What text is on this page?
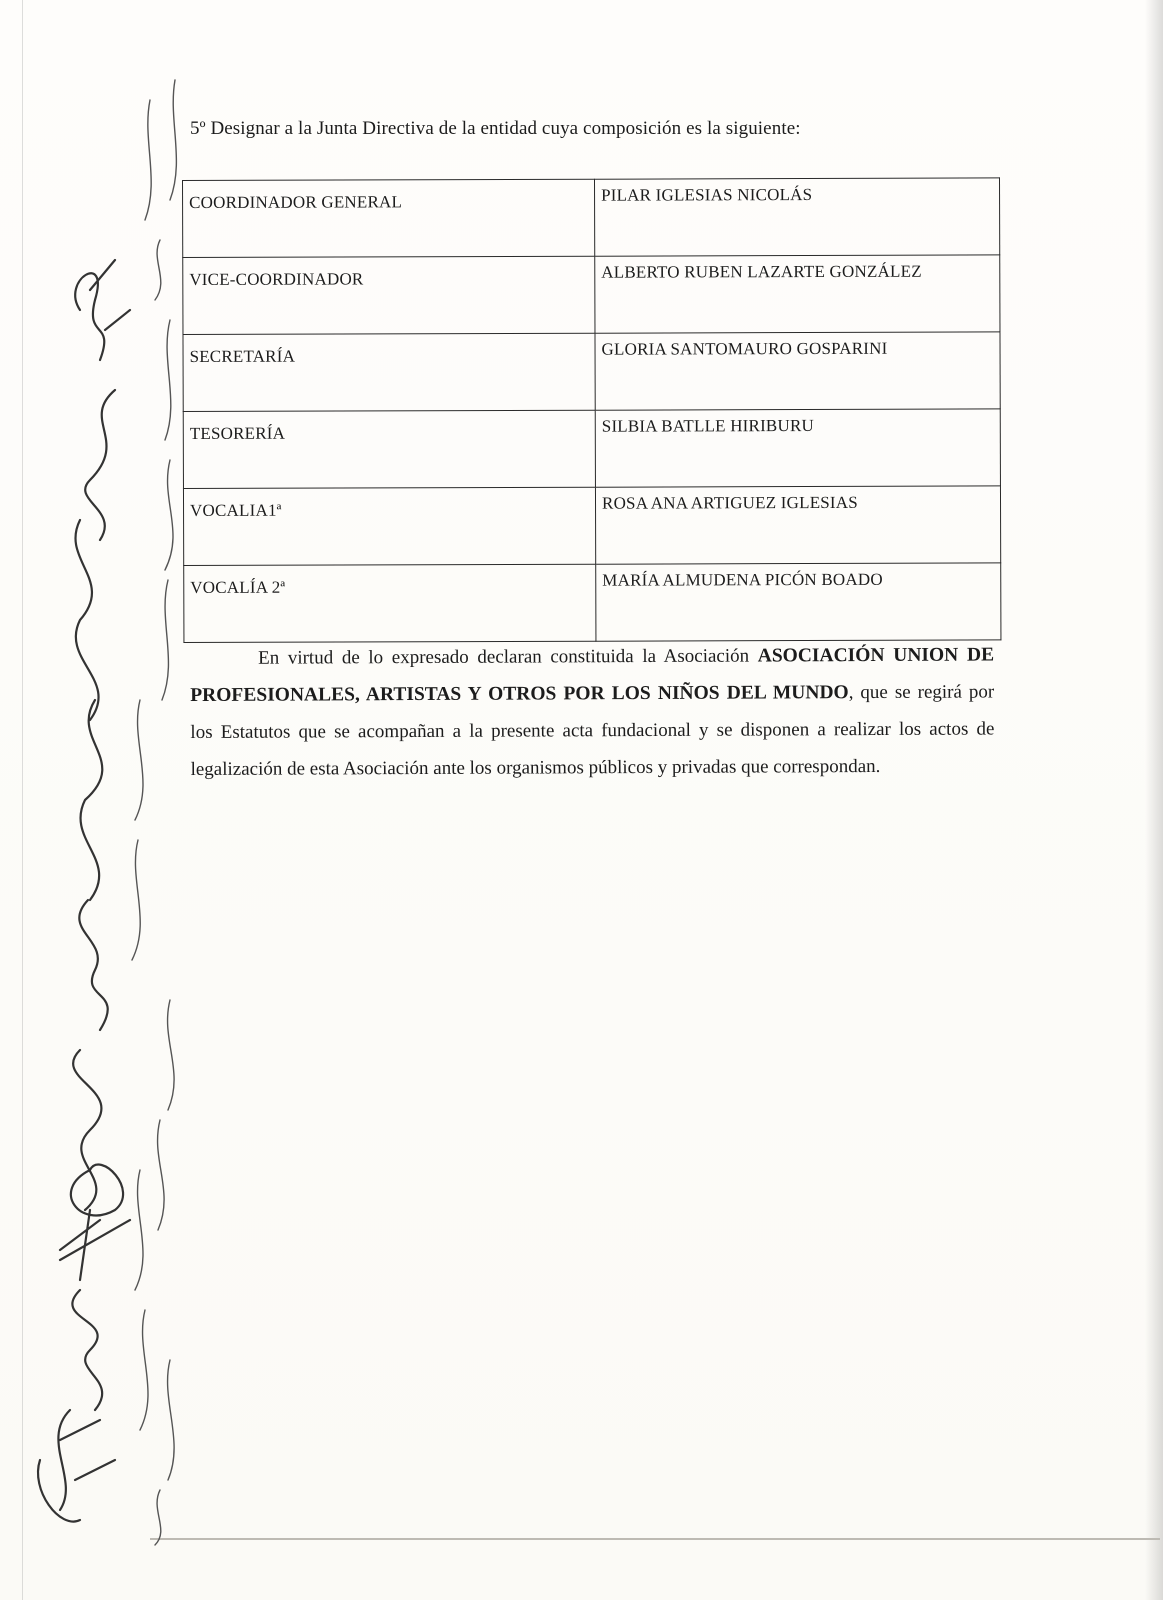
5º Designar a la Junta Directiva de la entidad cuya composición es la siguiente:
COORDINADOR GENERAL	PILAR IGLESIAS NICOLÁS
VICE-COORDINADOR	ALBERTO RUBEN LAZARTE GONZÁLEZ
SECRETARÍA	GLORIA SANTOMAURO GOSPARINI
TESORERÍA	SILBIA BATLLE HIRIBURU
VOCALIA1ª	ROSA ANA ARTIGUEZ IGLESIAS
VOCALÍA 2ª	MARÍA ALMUDENA PICÓN BOADO
En virtud de lo expresado declaran constituida la Asociación ASOCIACIÓN UNION DE PROFESIONALES, ARTISTAS Y OTROS POR LOS NIÑOS DEL MUNDO, que se regirá por los Estatutos que se acompañan a la presente acta fundacional y se disponen a realizar los actos de legalización de esta Asociación ante los organismos públicos y privadas que correspondan.
